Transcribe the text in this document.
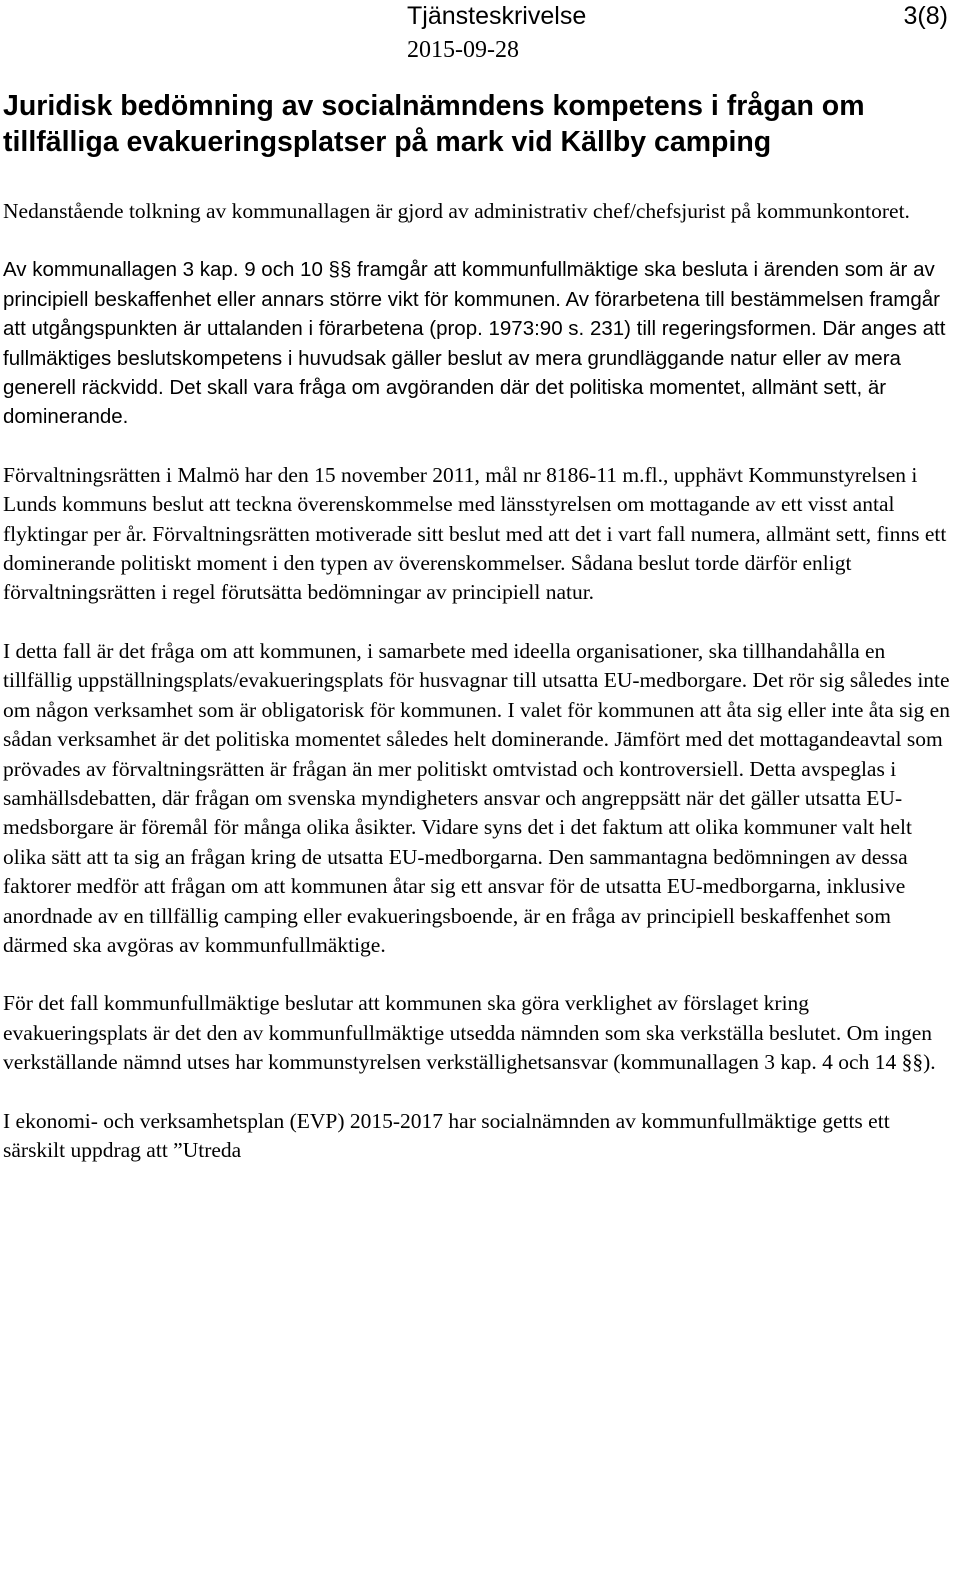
Tjänsteskrivelse	3(8)
2015-09-28
Juridisk bedömning av socialnämndens kompetens i frågan om tillfälliga evakueringsplatser på mark vid Källby camping

Nedanstående tolkning av kommunallagen är gjord av administrativ chef/chefsjurist på kommunkontoret.

Av kommunallagen 3 kap. 9 och 10 §§ framgår att kommunfullmäktige ska besluta i ärenden som är av principiell beskaffenhet eller annars större vikt för kommunen. Av förarbetena till bestämmelsen framgår att utgångspunkten är uttalanden i förarbetena (prop. 1973:90 s. 231) till regeringsformen. Där anges att fullmäktiges beslutskompetens i huvudsak gäller beslut av mera grundläggande natur eller av mera generell räckvidd. Det skall vara fråga om avgöranden där det politiska momentet, allmänt sett, är dominerande.

Förvaltningsrätten i Malmö har den 15 november 2011, mål nr 8186-11 m.fl., upphävt Kommunstyrelsen i Lunds kommuns beslut att teckna överenskommelse med länsstyrelsen om mottagande av ett visst antal flyktingar per år. Förvaltningsrätten motiverade sitt beslut med att det i vart fall numera, allmänt sett, finns ett dominerande politiskt moment i den typen av överenskommelser. Sådana beslut torde därför enligt förvaltningsrätten i regel förutsätta bedömningar av principiell natur.

I detta fall är det fråga om att kommunen, i samarbete med ideella organisationer, ska tillhandahålla en tillfällig uppställningsplats/evakueringsplats för husvagnar till utsatta EU-medborgare. Det rör sig således inte om någon verksamhet som är obligatorisk för kommunen. I valet för kommunen att åta sig eller inte åta sig en sådan verksamhet är det politiska momentet således helt dominerande. Jämfört med det mottagandeavtal som prövades av förvaltningsrätten är frågan än mer politiskt omtvistad och kontroversiell. Detta avspeglas i samhällsdebatten, där frågan om svenska myndigheters ansvar och angreppsätt när det gäller utsatta EU-medsborgare är föremål för många olika åsikter. Vidare syns det i det faktum att olika kommuner valt helt olika sätt att ta sig an frågan kring de utsatta EU-medborgarna. Den sammantagna bedömningen av dessa faktorer medför att frågan om att kommunen åtar sig ett ansvar för de utsatta EU-medborgarna, inklusive anordnade av en tillfällig camping eller evakueringsboende, är en fråga av principiell beskaffenhet som därmed ska avgöras av kommunfullmäktige.

För det fall kommunfullmäktige beslutar att kommunen ska göra verklighet av förslaget kring evakueringsplats är det den av kommunfullmäktige utsedda nämnden som ska verkställa beslutet. Om ingen verkställande nämnd utses har kommunstyrelsen verkställighetsansvar (kommunallagen 3 kap. 4 och 14 §§).

I ekonomi- och verksamhetsplan (EVP) 2015-2017 har socialnämnden av kommunfullmäktige getts ett särskilt uppdrag att ”Utreda
